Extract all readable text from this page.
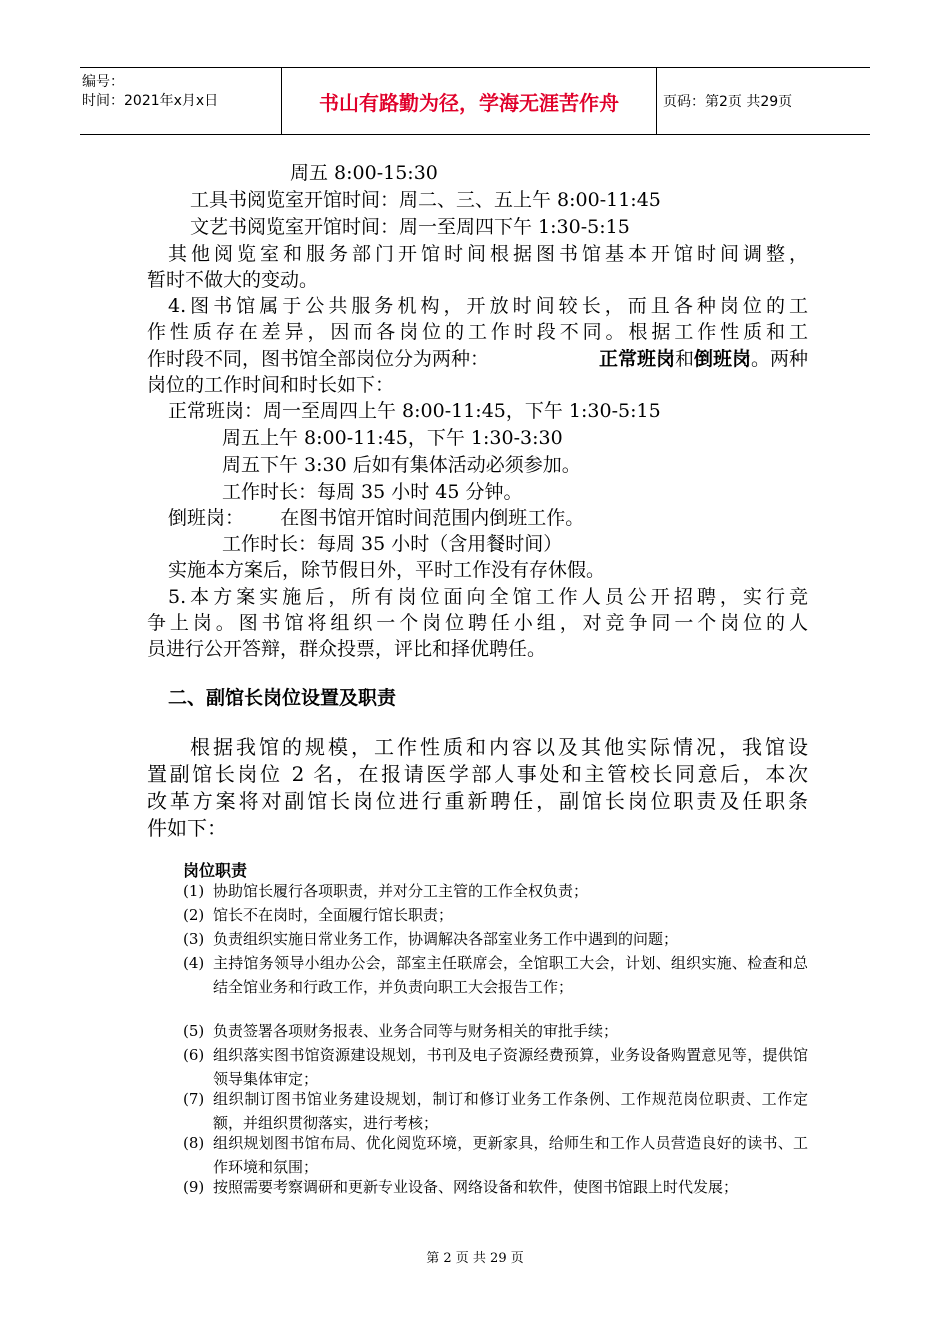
编号：
时间：2021年x月x日	书山有路勤为径，学海无涯苦作舟	页码：第2页 共29页
周五 8:00-15:30
工具书阅览室开馆时间：周二、三、五上午 8:00-11:45
文艺书阅览室开馆时间：周一至周四下午 1:30-5:15
其他阅览室和服务部门开馆时间根据图书馆基本开馆时间调整，
暂时不做大的变动。
4.图书馆属于公共服务机构，开放时间较长，而且各种岗位的工
作性质存在差异，因而各岗位的工作时段不同。根据工作性质和工
作时段不同，图书馆全部岗位分为两种：	正常班岗和倒班岗。两种
岗位的工作时间和时长如下：
正常班岗：周一至周四上午 8:00-11:45，下午 1:30-5:15
周五上午 8:00-11:45，下午 1:30-3:30
周五下午 3:30 后如有集体活动必须参加。
工作时长：每周 35 小时 45 分钟。
倒班岗：      在图书馆开馆时间范围内倒班工作。
工作时长：每周 35 小时（含用餐时间）
实施本方案后，除节假日外，平时工作没有存休假。
5.本方案实施后，所有岗位面向全馆工作人员公开招聘，实行竞
争上岗。图书馆将组织一个岗位聘任小组，对竞争同一个岗位的人
员进行公开答辩，群众投票，评比和择优聘任。
二、副馆长岗位设置及职责
根据我馆的规模，工作性质和内容以及其他实际情况，我馆设
置副馆长岗位 2 名，在报请医学部人事处和主管校长同意后，本次
改革方案将对副馆长岗位进行重新聘任，副馆长岗位职责及任职条
件如下：
岗位职责
(1) 协助馆长履行各项职责，并对分工主管的工作全权负责；
(2) 馆长不在岗时，全面履行馆长职责；
(3) 负责组织实施日常业务工作，协调解决各部室业务工作中遇到的问题；
(4) 主持馆务领导小组办公会，部室主任联席会，全馆职工大会，计划、组织实施、检查和总结全馆业务和行政工作，并负责向职工大会报告工作；
(5) 负责签署各项财务报表、业务合同等与财务相关的审批手续；
(6) 组织落实图书馆资源建设规划，书刊及电子资源经费预算，业务设备购置意见等，提供馆领导集体审定；
(7) 组织制订图书馆业务建设规划，制订和修订业务工作条例、工作规范岗位职责、工作定额，并组织贯彻落实，进行考核；
(8) 组织规划图书馆布局、优化阅览环境，更新家具，给师生和工作人员营造良好的读书、工作环境和氛围；
(9) 按照需要考察调研和更新专业设备、网络设备和软件，使图书馆跟上时代发展；
第 2 页 共 29 页
